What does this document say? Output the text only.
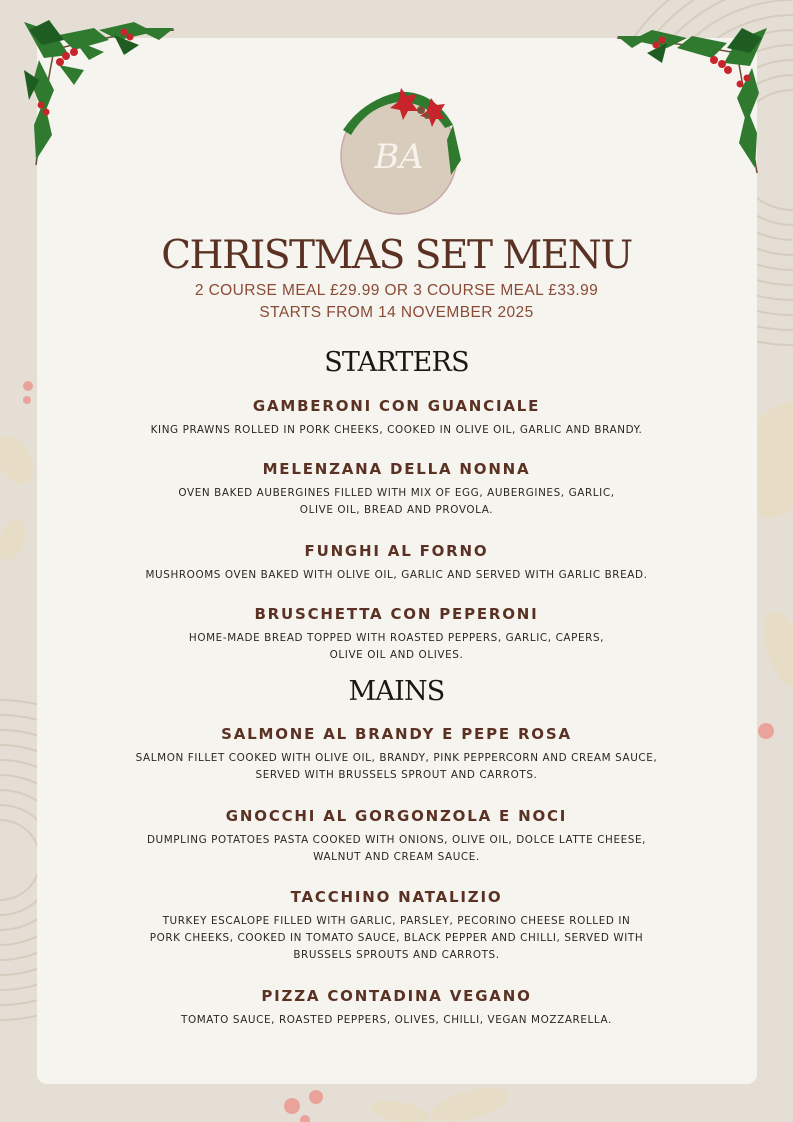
BA
CHRISTMAS SET MENU
2 COURSE MEAL £29.99 OR 3 COURSE MEAL £33.99
STARTS FROM 14 NOVEMBER 2025
STARTERS
GAMBERONI CON GUANCIALE
KING PRAWNS ROLLED IN PORK CHEEKS, COOKED IN OLIVE OIL, GARLIC AND BRANDY.
MELENZANA DELLA NONNA
OVEN BAKED AUBERGINES FILLED WITH MIX OF EGG, AUBERGINES, GARLIC,
OLIVE OIL, BREAD AND PROVOLA.
FUNGHI AL FORNO
MUSHROOMS OVEN BAKED WITH OLIVE OIL, GARLIC AND SERVED WITH GARLIC BREAD.
BRUSCHETTA CON PEPERONI
HOME-MADE BREAD TOPPED WITH ROASTED PEPPERS, GARLIC, CAPERS,
OLIVE OIL AND OLIVES.
MAINS
SALMONE AL BRANDY E PEPE ROSA
SALMON FILLET COOKED WITH OLIVE OIL, BRANDY, PINK PEPPERCORN AND CREAM SAUCE,
SERVED WITH BRUSSELS SPROUT AND CARROTS.
GNOCCHI AL GORGONZOLA E NOCI
DUMPLING POTATOES PASTA COOKED WITH ONIONS, OLIVE OIL, DOLCE LATTE CHEESE,
WALNUT AND CREAM SAUCE.
TACCHINO NATALIZIO
TURKEY ESCALOPE FILLED WITH GARLIC, PARSLEY, PECORINO CHEESE ROLLED IN
PORK CHEEKS, COOKED IN TOMATO SAUCE, BLACK PEPPER AND CHILLI, SERVED WITH
BRUSSELS SPROUTS AND CARROTS.
PIZZA CONTADINA VEGANO
TOMATO SAUCE, ROASTED PEPPERS, OLIVES, CHILLI, VEGAN MOZZARELLA.
